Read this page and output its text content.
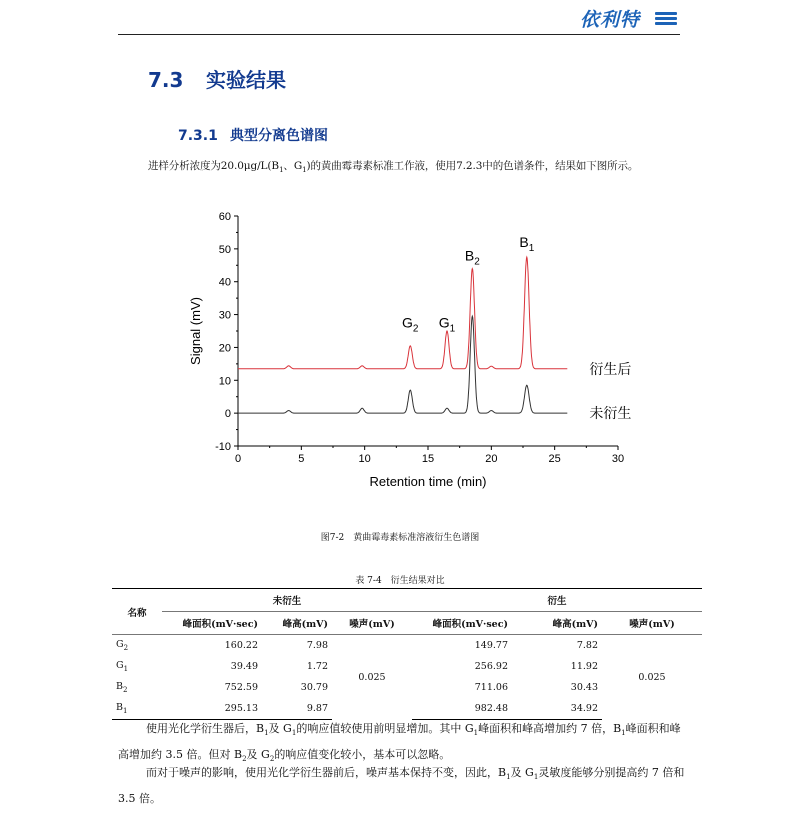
依利特
7.3 实验结果
7.3.1 典型分离色谱图
进样分析浓度为$20.0\mu g/L(B_1$、$G_1$)的黄曲霉毒素标准工作液，使用7.2.3中的色谱条件，结果如下图所示。
0	5	10	15	20	25	30
-10
0
10
20
30
40
50
60
Retention time (min)
Signal (mV)
衍生后
未衍生
$G_2$ $G_1$
$B_2$
$B_1$
图7-2　黄曲霉毒素标准溶液衍生色谱图
表 7-4　衍生结果对比
名称	未衍生			衍生		
	峰面积(mV·sec)	峰高(mV)	噪声(mV)	峰面积(mV·sec)	峰高(mV)	噪声(mV)
$G_2$	160.22	7.98	0.025	149.77	7.82	0.025
$G_1$	39.49	1.72		256.92	11.92	
$B_2$	752.59	30.79		711.06	30.43	
$B_1$	295.13	9.87		982.48	34.92	
使用光化学衍生器后，$B_1$及 $G_1$的响应值较使用前明显增加。其中 $G_1$峰面积和峰高增加约 7 倍，$B_1$峰面积和峰高增加约 3.5 倍。但对 $B_2$及 $G_2$的响应值变化较小，基本可以忽略。
而对于噪声的影响，使用光化学衍生器前后，噪声基本保持不变，因此，$B_1$及 $G_1$灵敏度能够分别提高约 7 倍和 3.5 倍。
